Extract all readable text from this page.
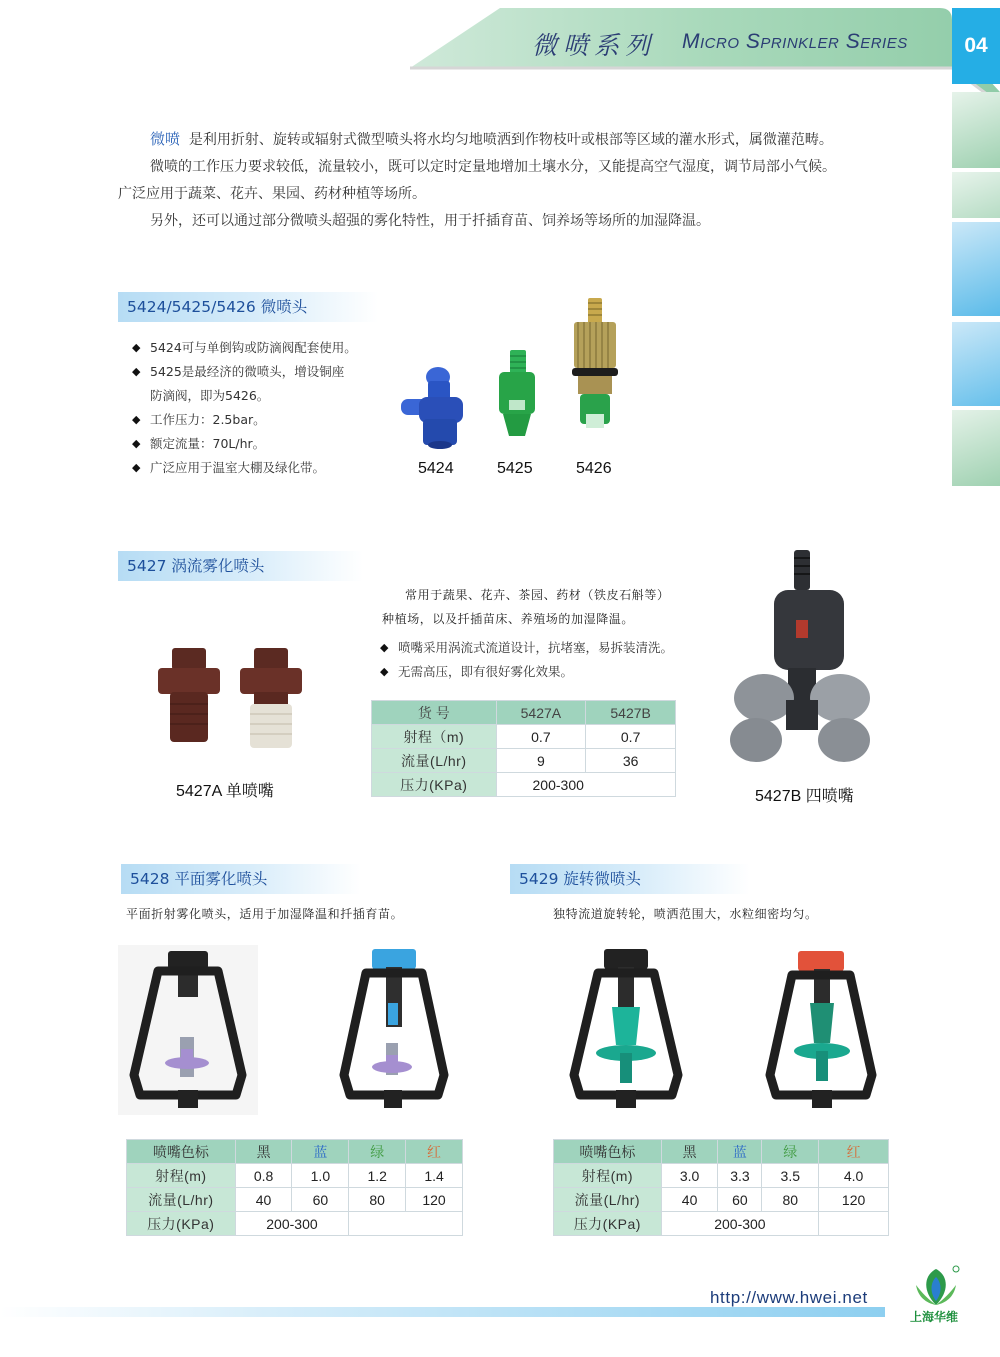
微喷系列 Micro Sprinkler Series	04

微喷 是利用折射、旋转或辐射式微型喷头将水均匀地喷洒到作物枝叶或根部等区域的灌水形式，属微灌范畴。

微喷的工作压力要求较低，流量较小，既可以定时定量地增加土壤水分，又能提高空气湿度，调节局部小气候。

广泛应用于蔬菜、花卉、果园、药材种植等场所。

另外，还可以通过部分微喷头超强的雾化特性，用于扦插育苗、饲养场等场所的加湿降温。

5424/5425/5426 微喷头
◆ 5424可与单倒钩或防滴阀配套使用。
◆ 5425是最经济的微喷头，增设铜座
防滴阀，即为5426。
◆ 工作压力：2.5bar。
◆ 额定流量：70L/hr。
◆ 广泛应用于温室大棚及绿化带。	5424	5425	5426
5427 涡流雾化喷头
5427A 单喷嘴
常用于蔬果、花卉、茶园、药材（铁皮石斛等）
种植场，以及扦插苗床、养殖场的加湿降温。
◆ 喷嘴采用涡流式流道设计，抗堵塞，易拆装清洗。
◆ 无需高压，即有很好雾化效果。
货 号	5427A	5427B
射程（m)	0.7	0.7
流量(L/hr)	9	36
压力(KPa)	200-300	
5427B 四喷嘴
5428 平面雾化喷头
平面折射雾化喷头，适用于加湿降温和扦插育苗。
喷嘴色标	黑	蓝	绿	红
射程(m)	0.8	1.0	1.2	1.4
流量(L/hr)	40	60	80	120
压力(KPa)	200-300			
5429 旋转微喷头
独特流道旋转轮，喷洒范围大，水粒细密均匀。
喷嘴色标	黑	蓝	绿	红
射程(m)	3.0	3.3	3.5	4.0
流量(L/hr)	40	60	80	120
压力(KPa)	200-300			
http://www.hwei.net
上海华维
